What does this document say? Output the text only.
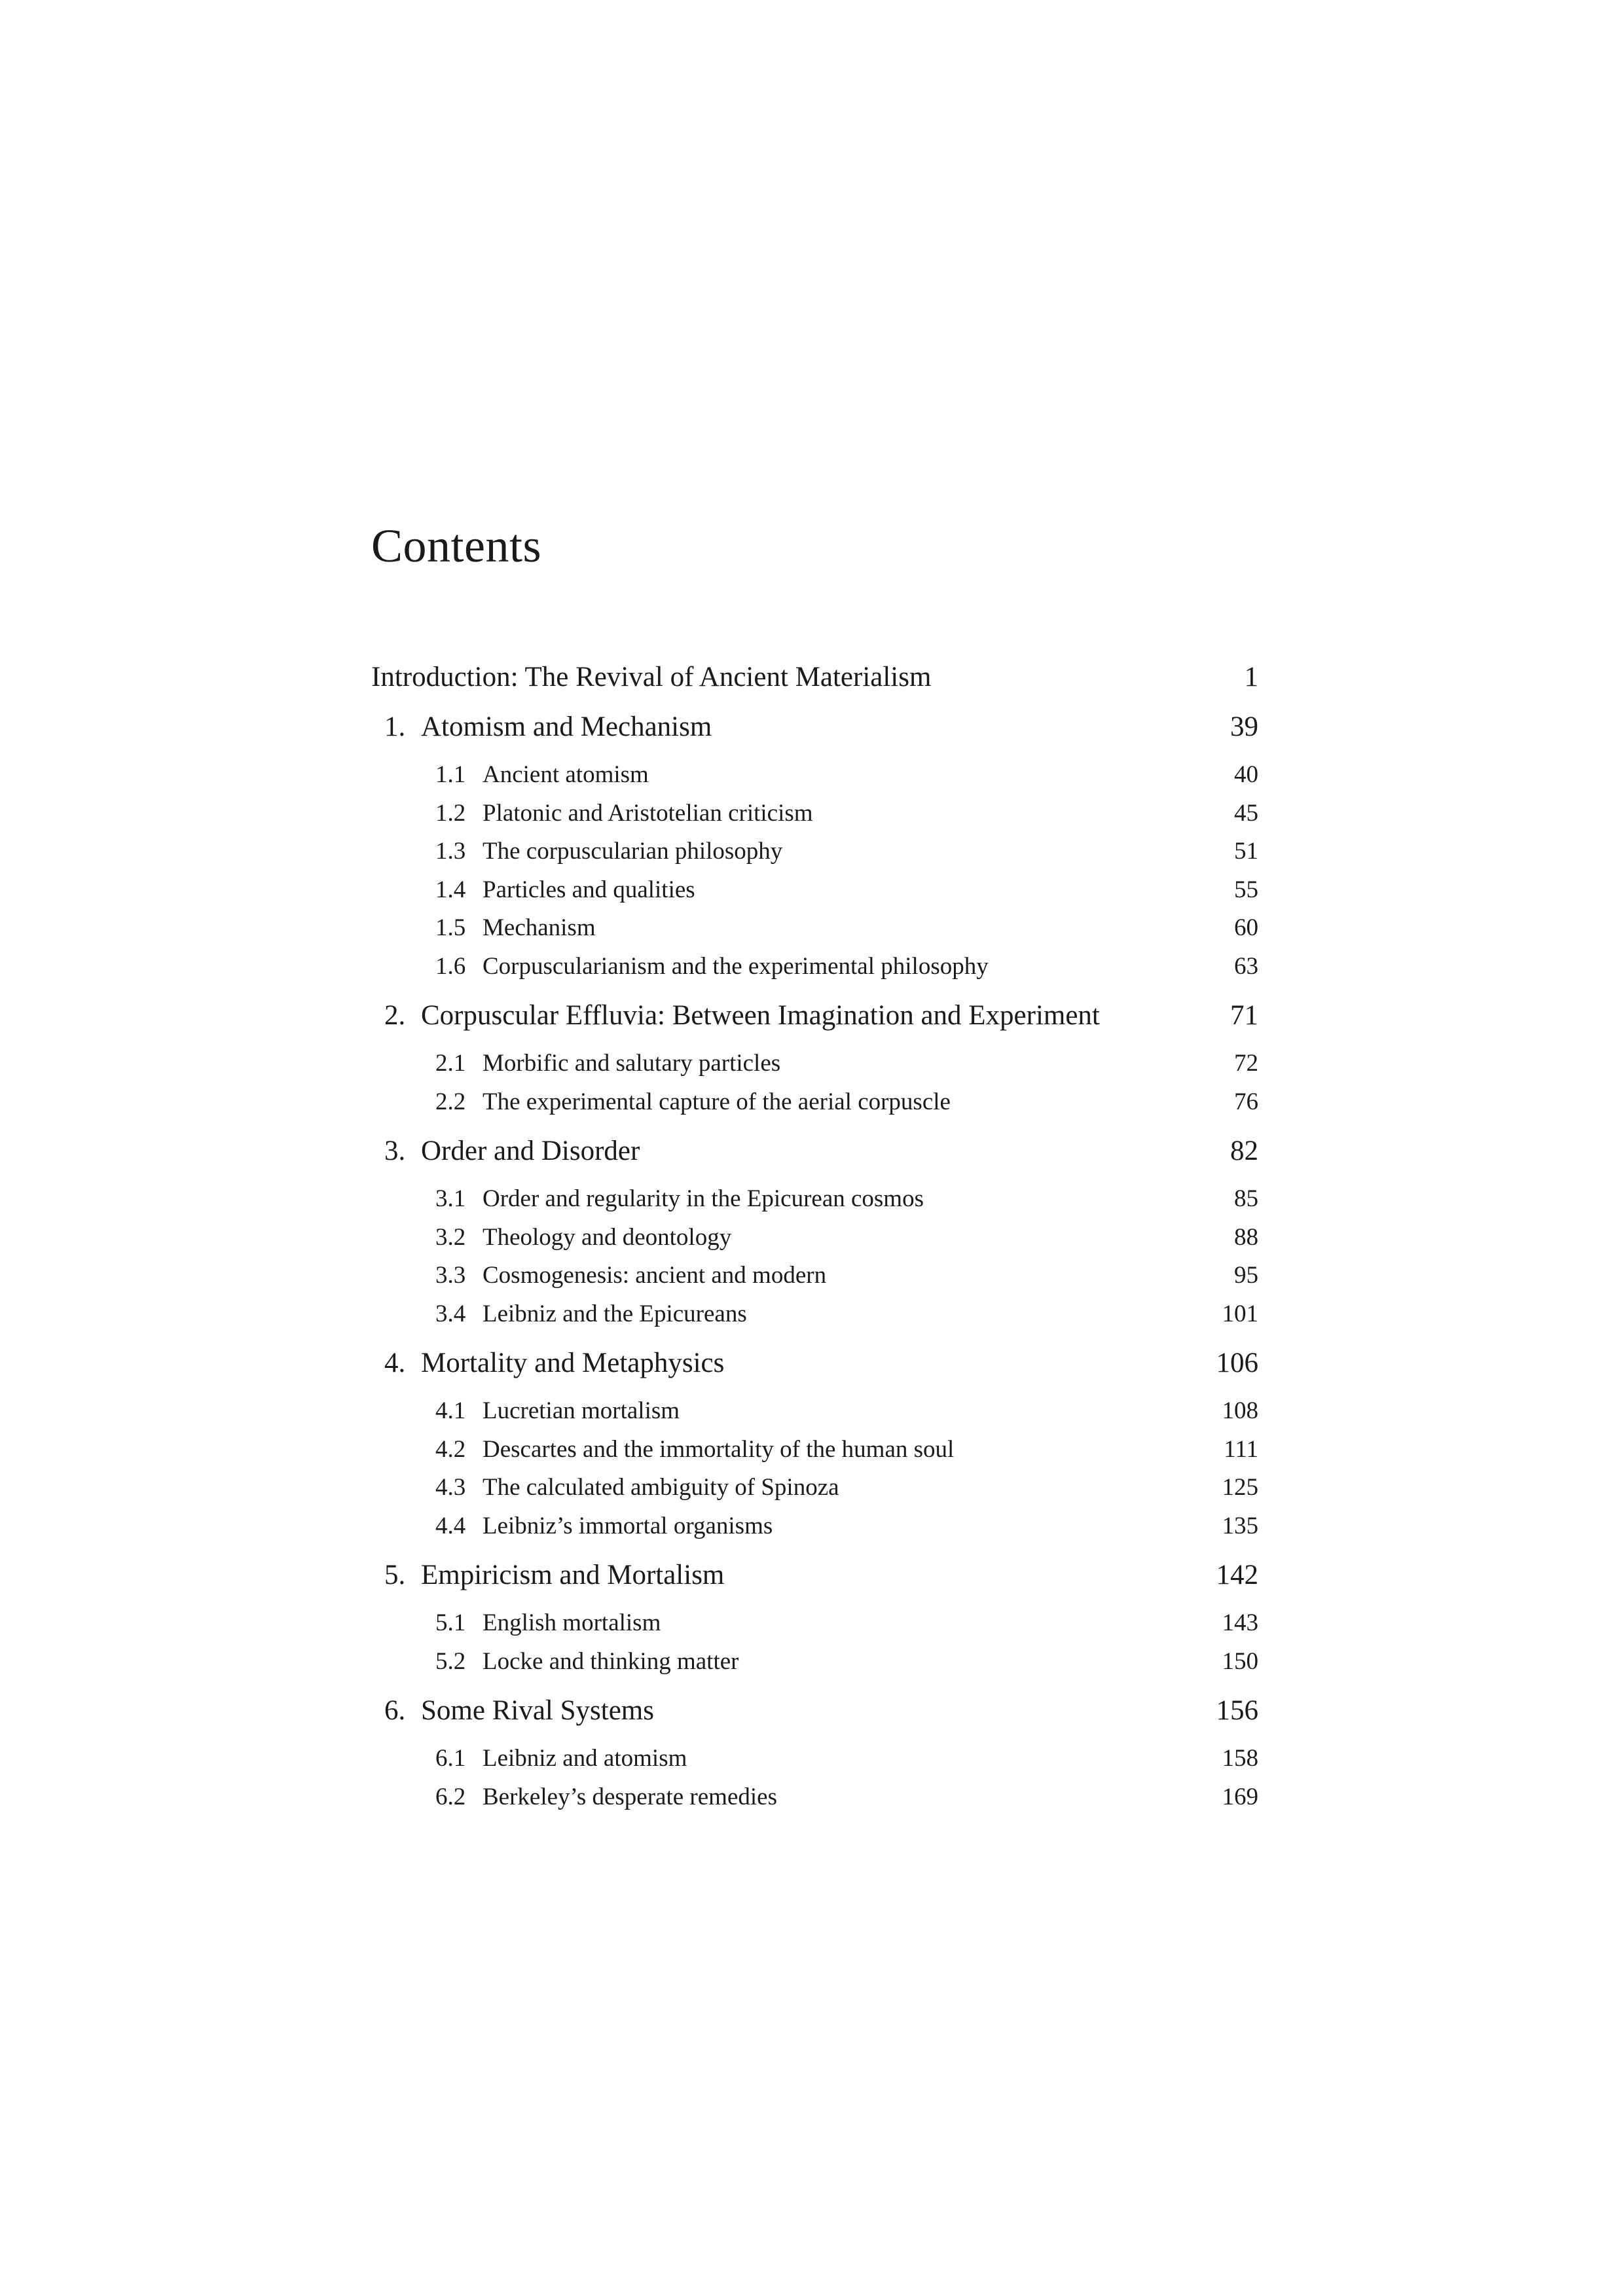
Contents
Introduction: The Revival of Ancient Materialism	1
1. Atomism and Mechanism	39
1.1 Ancient atomism	40
1.2 Platonic and Aristotelian criticism	45
1.3 The corpuscularian philosophy	51
1.4 Particles and qualities	55
1.5 Mechanism	60
1.6 Corpuscularianism and the experimental philosophy	63
2. Corpuscular Effluvia: Between Imagination and Experiment	71
2.1 Morbific and salutary particles	72
2.2 The experimental capture of the aerial corpuscle	76
3. Order and Disorder	82
3.1 Order and regularity in the Epicurean cosmos	85
3.2 Theology and deontology	88
3.3 Cosmogenesis: ancient and modern	95
3.4 Leibniz and the Epicureans	101
4. Mortality and Metaphysics	106
4.1 Lucretian mortalism	108
4.2 Descartes and the immortality of the human soul	111
4.3 The calculated ambiguity of Spinoza	125
4.4 Leibniz’s immortal organisms	135
5. Empiricism and Mortalism	142
5.1 English mortalism	143
5.2 Locke and thinking matter	150
6. Some Rival Systems	156
6.1 Leibniz and atomism	158
6.2 Berkeley’s desperate remedies	169
